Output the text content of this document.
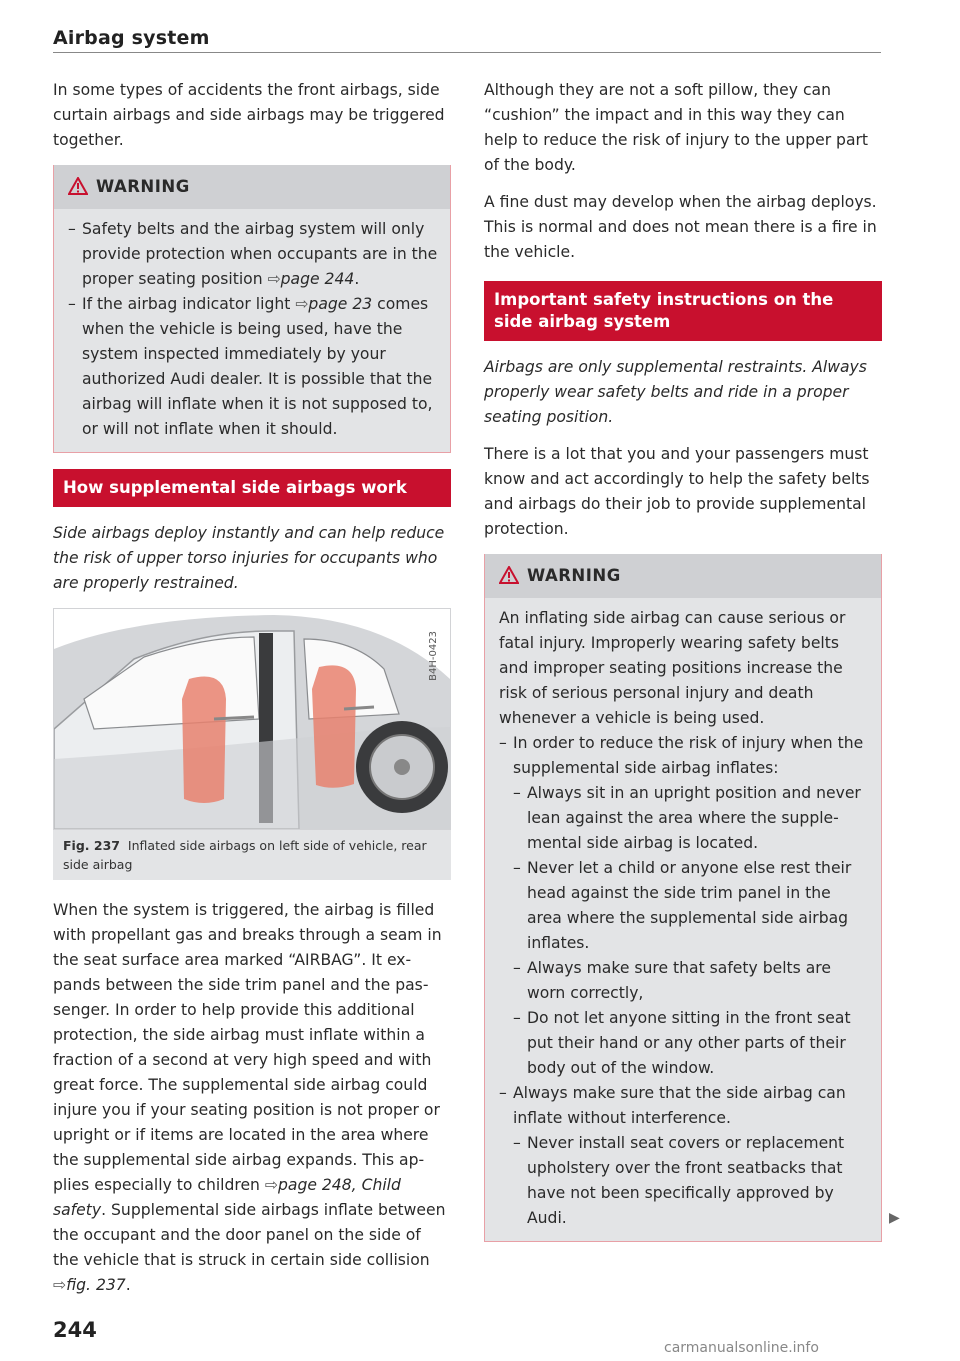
Airbag system

In some types of accidents the front airbags, side curtain airbags and side airbags may be triggered together.

WARNING
– Safety belts and the airbag system will only provide protection when occupants are in the proper seating position ⇨page 244.
– If the airbag indicator light ⇨page 23 comes when the vehicle is being used, have the system inspected immediately by your authorized Audi dealer. It is possible that the airbag will inflate when it is not supposed to, or will not inflate when it should.
How supplemental side airbags work

Side airbags deploy instantly and can help reduce the risk of upper torso injuries for occupants who are properly restrained.

B4H-0423
Fig. 237 Inflated side airbags on left side of vehicle, rear side airbag

When the system is triggered, the airbag is filled with propellant gas and breaks through a seam in the seat surface area marked “AIRBAG”. It expands between the side trim panel and the passenger. In order to help provide this additional protection, the side airbag must inflate within a fraction of a second at very high speed and with great force. The supplemental side airbag could injure you if your seating position is not proper or upright or if items are located in the area where the supplemental side airbag expands. This applies especially to children ⇨page 248, Child safety. Supplemental side airbags inflate between the occupant and the door panel on the side of the vehicle that is struck in certain side collision ⇨fig. 237.

Although they are not a soft pillow, they can “cushion” the impact and in this way they can help to reduce the risk of injury to the upper part of the body.

A fine dust may develop when the airbag deploys. This is normal and does not mean there is a fire in the vehicle.

Important safety instructions on the side airbag system

Airbags are only supplemental restraints. Always properly wear safety belts and ride in a proper seating position.

There is a lot that you and your passengers must know and act accordingly to help the safety belts and airbags do their job to provide supplemental protection.

WARNING

An inflating side airbag can cause serious or fatal injury. Improperly wearing safety belts and improper seating positions increase the risk of serious personal injury and death whenever a vehicle is being used.

– In order to reduce the risk of injury when the supplemental side airbag inflates:
– Always sit in an upright position and never lean against the area where the supplemental side airbag is located.
– Never let a child or anyone else rest their head against the side trim panel in the area where the supplemental side airbag inflates.
– Always make sure that safety belts are worn correctly,
– Do not let anyone sitting in the front seat put their hand or any other parts of their body out of the window.
– Always make sure that the side airbag can inflate without interference.
– Never install seat covers or replacement upholstery over the front seatbacks that have not been specifically approved by Audi.	▶
244
carmanualsonline.info
